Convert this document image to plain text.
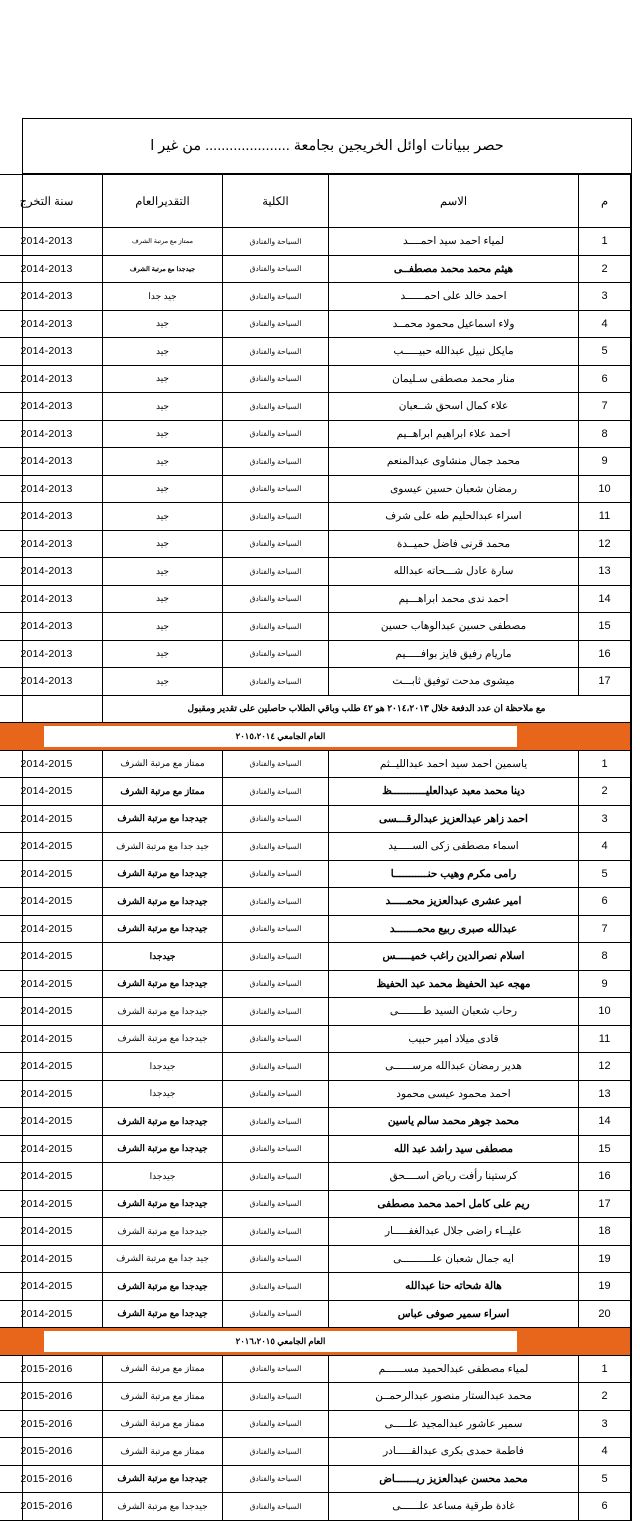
حصر ببيانات اوائل الخريجين بجامعة ..................... من غير ا
م	الاسم	الكلية	التقديرالعام	سنة التخرج
1	لمياء احمد سيد احمــــد	السياحة والفنادق	ممتاز مع مرتبة الشرف	2014-2013
2	هيثم محمد محمد مصطفــى	السياحة والفنادق	جيدجدا مع مرتبة الشرف	2014-2013
3	احمد خالد على احمــــــد	السياحة والفنادق	جيد جدا	2014-2013
4	ولاء اسماعيل محمود محمــد	السياحة والفنادق	جيد	2014-2013
5	مايكل نبيل عبدالله حبيـــــب	السياحة والفنادق	جيد	2014-2013
6	منار محمد مصطفى سـليمان	السياحة والفنادق	جيد	2014-2013
7	علاء كمال اسحق شــعبان	السياحة والفنادق	جيد	2014-2013
8	احمد علاء ابراهيم ابراهــيم	السياحة والفنادق	جيد	2014-2013
9	محمد جمال منشاوى عبدالمنعم	السياحة والفنادق	جيد	2014-2013
10	رمضان شعبان حسين عيسوى	السياحة والفنادق	جيد	2014-2013
11	اسراء عبدالحليم طه على شرف	السياحة والفنادق	جيد	2014-2013
12	محمد قرنى فاضل حميــدة	السياحة والفنادق	جيد	2014-2013
13	سارة عادل شـــحاته عبدالله	السياحة والفنادق	جيد	2014-2013
14	احمد ندى محمد ابراهـــيم	السياحة والفنادق	جيد	2014-2013
15	مصطفى حسين عبدالوهاب حسين	السياحة والفنادق	جيد	2014-2013
16	ماريام رفيق فايز بوافـــــيم	السياحة والفنادق	جيد	2014-2013
17	ميشوى مدحت توفيق ثابـــت	السياحة والفنادق	جيد	2014-2013
مع ملاحظة ان عدد الدفعة خلال ٢٠١٤،٢٠١٣ هو ٤٢ طلب وباقي الطلاب حاصلين على تقدير ومقبول				

العام الجامعي ٢٠١٥،٢٠١٤				

1	ياسمين احمد سيد احمد عبدالليــثم	السياحة والفنادق	ممتاز مع مرتبة الشرف	2014-2015
2	دينا محمد معبد عبدالعليـــــــــــظ	السياحة والفنادق	ممتاز مع مرتبة الشرف	2014-2015
3	احمد زاهر عبدالعزيز عبدالرقـــسى	السياحة والفنادق	جيدجدا مع مرتبة الشرف	2014-2015
4	اسماء مصطفى زكى الســـــيد	السياحة والفنادق	جيد جدا مع مرتبة الشرف	2014-2015
5	رامى مكرم وهيب حنـــــــــــا	السياحة والفنادق	جيدجدا مع مرتبة الشرف	2014-2015
6	امير عشرى عبدالعزيز محمـــــد	السياحة والفنادق	جيدجدا مع مرتبة الشرف	2014-2015
7	عبدالله صبرى ربيع محمـــــــد	السياحة والفنادق	جيدجدا مع مرتبة الشرف	2014-2015
8	اسلام نصرالدين راغب خميـــــس	السياحة والفنادق	جيدجدا	2014-2015
9	مهجه عبد الحفيظ محمد عبد الحفيظ	السياحة والفنادق	جيدجدا مع مرتبة الشرف	2014-2015
10	رحاب شعبان السيد طــــــــى	السياحة والفنادق	جيدجدا مع مرتبة الشرف	2014-2015
11	قادى ميلاد امير حبيب	السياحة والفنادق	جيدجدا مع مرتبة الشرف	2014-2015
12	هدير رمضان عبدالله مرســــــى	السياحة والفنادق	جيدجدا	2014-2015
13	احمد محمود عيسى محمود	السياحة والفنادق	جيدجدا	2014-2015
14	محمد جوهر محمد سالم ياسين	السياحة والفنادق	جيدجدا مع مرتبة الشرف	2014-2015
15	مصطفى سيد راشد عبد الله	السياحة والفنادق	جيدجدا مع مرتبة الشرف	2014-2015
16	كرستينا رأفت رياض اســــحق	السياحة والفنادق	جيدجدا	2014-2015
17	ريم على كامل احمد محمد مصطفى	السياحة والفنادق	جيدجدا مع مرتبة الشرف	2014-2015
18	عليــاء راضى جلال عبدالغفـــــار	السياحة والفنادق	جيدجدا مع مرتبة الشرف	2014-2015
19	ايه جمال شعبان علــــــــــى	السياحة والفنادق	جيد جدا مع مرتبة الشرف	2014-2015
19	هالة شحاته حنا عبدالله	السياحة والفنادق	جيدجدا مع مرتبة الشرف	2014-2015
20	اسراء سمير صوفى عباس	السياحة والفنادق	جيدجدا مع مرتبة الشرف	2014-2015

العام الجامعي ٢٠١٦،٢٠١٥				

1	لمياء مصطفى عبدالحميد مســــــم	السياحة والفنادق	ممتاز مع مرتبة الشرف	2015-2016
2	محمد عبدالستار منصور عبدالرحمــن	السياحة والفنادق	ممتاز مع مرتبة الشرف	2015-2016
3	سمير عاشور عبدالمجيد علـــــى	السياحة والفنادق	ممتاز مع مرتبة الشرف	2015-2016
4	فاطمة حمدى بكرى عبدالقـــــادر	السياحة والفنادق	ممتاز مع مرتبة الشرف	2015-2016
5	محمد محسن عبدالعزيز ريـــــــاض	السياحة والفنادق	جيدجدا مع مرتبة الشرف	2015-2016
6	غادة طرقية مساعد علــــــى	السياحة والفنادق	جيدجدا مع مرتبة الشرف	2015-2016
